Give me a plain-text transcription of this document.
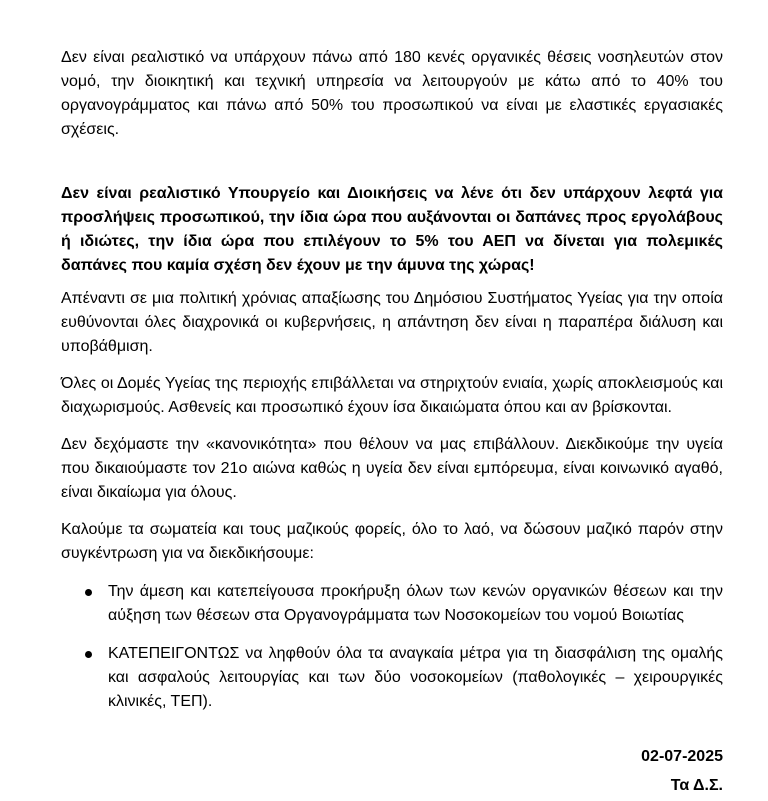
Δεν είναι ρεαλιστικό να υπάρχουν πάνω από 180 κενές οργανικές θέσεις νοσηλευτών στον νομό, την διοικητική και τεχνική υπηρεσία να λειτουργούν με κάτω από το 40% του οργανογράμματος και πάνω από 50% του προσωπικού να είναι με ελαστικές εργασιακές σχέσεις.

Δεν είναι ρεαλιστικό Υπουργείο και Διοικήσεις να λένε ότι δεν υπάρχουν λεφτά για προσλήψεις προσωπικού, την ίδια ώρα που αυξάνονται οι δαπάνες προς εργολάβους ή ιδιώτες, την ίδια ώρα που επιλέγουν το 5% του ΑΕΠ να δίνεται για πολεμικές δαπάνες που καμία σχέση δεν έχουν με την άμυνα της χώρας!

Απέναντι σε μια πολιτική χρόνιας απαξίωσης του Δημόσιου Συστήματος Υγείας για την οποία ευθύνονται όλες διαχρονικά οι κυβερνήσεις, η απάντηση δεν είναι η παραπέρα διάλυση και υποβάθμιση.

Όλες οι Δομές Υγείας της περιοχής επιβάλλεται να στηριχτούν ενιαία, χωρίς αποκλεισμούς και διαχωρισμούς. Ασθενείς και προσωπικό έχουν ίσα δικαιώματα όπου και αν βρίσκονται.

Δεν δεχόμαστε την «κανονικότητα» που θέλουν να μας επιβάλλουν. Διεκδικούμε την υγεία που δικαιούμαστε τον 21ο αιώνα καθώς η υγεία δεν είναι εμπόρευμα, είναι κοινωνικό αγαθό, είναι δικαίωμα για όλους.

Καλούμε τα σωματεία και τους μαζικούς φορείς, όλο το λαό, να δώσουν μαζικό παρόν στην συγκέντρωση για να διεκδικήσουμε:

Την άμεση και κατεπείγουσα προκήρυξη όλων των κενών οργανικών θέσεων και την αύξηση των θέσεων στα Οργανογράμματα των Νοσοκομείων του νομού Βοιωτίας
ΚΑΤΕΠΕΙΓΟΝΤΩΣ να ληφθούν όλα τα αναγκαία μέτρα για τη διασφάλιση της ομαλής και ασφαλούς λειτουργίας και των δύο νοσοκομείων (παθολογικές – χειρουργικές κλινικές, ΤΕΠ).
02-07-2025
Τα Δ.Σ.
